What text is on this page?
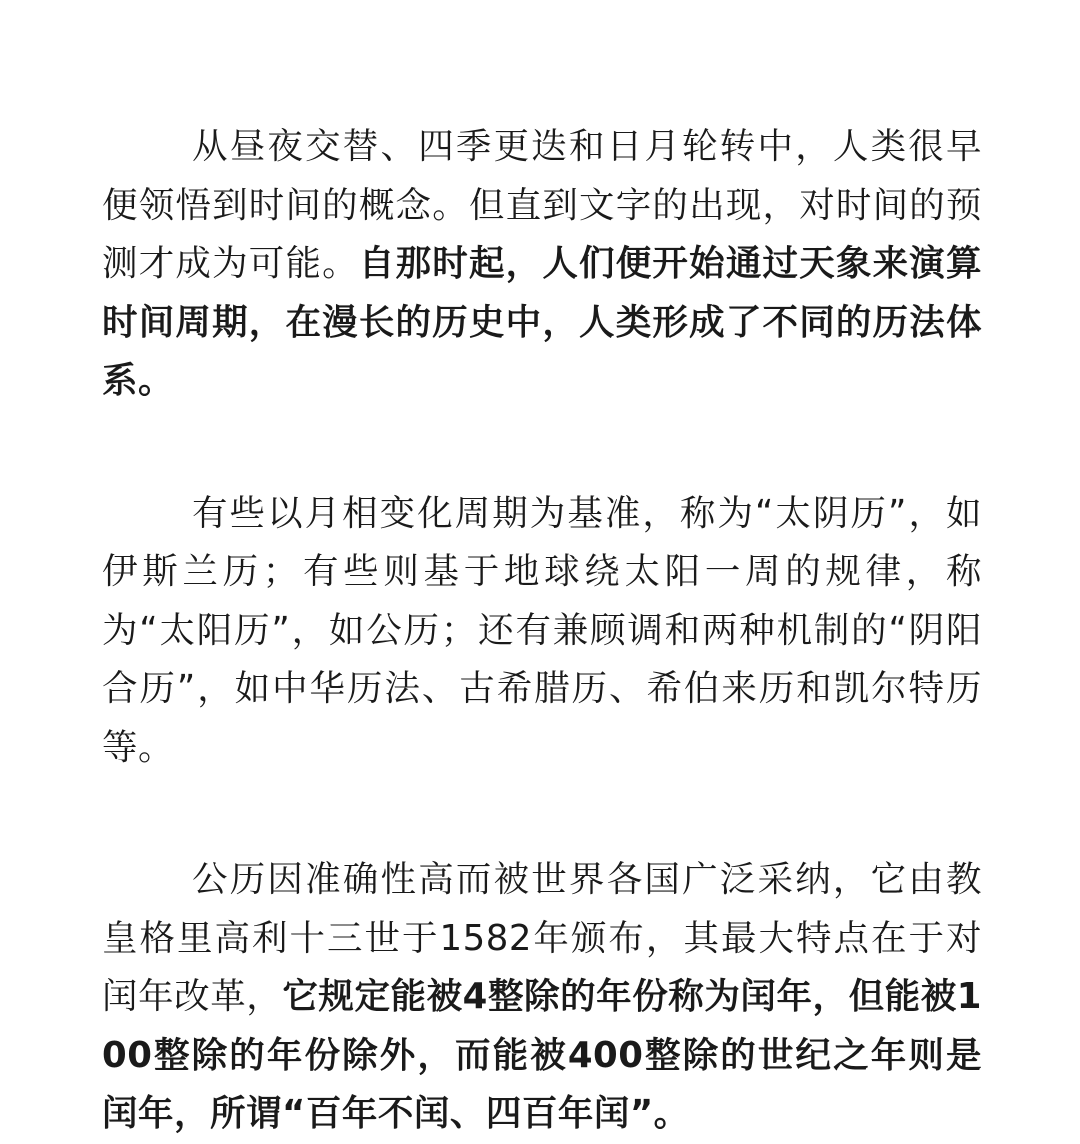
从昼夜交替、四季更迭和日月轮转中，人类很早便领悟到时间的概念。但直到文字的出现，对时间的预测才成为可能。自那时起，人们便开始通过天象来演算时间周期，在漫长的历史中，人类形成了不同的历法体系。

有些以月相变化周期为基准，称为“太阴历”，如伊斯兰历；有些则基于地球绕太阳一周的规律，称为“太阳历”，如公历；还有兼顾调和两种机制的“阴阳合历”，如中华历法、古希腊历、希伯来历和凯尔特历等。

公历因准确性高而被世界各国广泛采纳，它由教皇格里高利十三世于1582年颁布，其最大特点在于对闰年改革，它规定能被4整除的年份称为闰年，但能被100整除的年份除外，而能被400整除的世纪之年则是闰年，所谓“百年不闰、四百年闰”。
